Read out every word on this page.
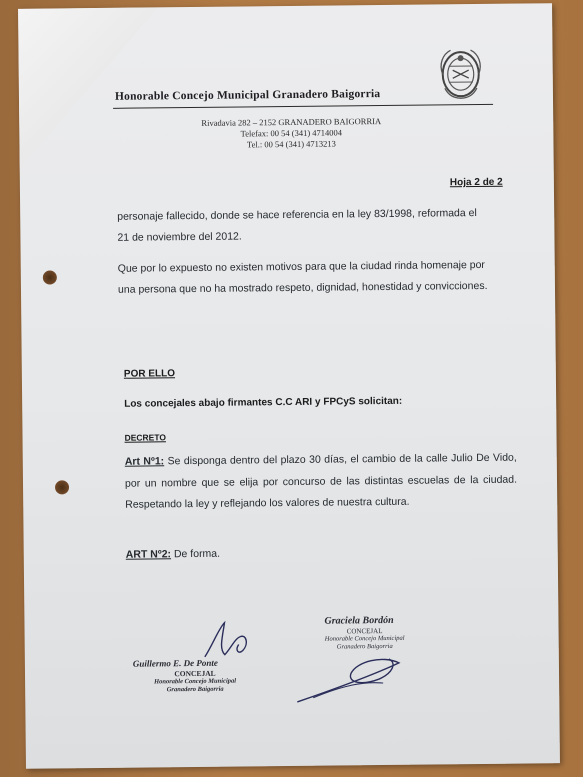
Honorable Concejo Municipal Granadero Baigorria
Rivadavia 282 – 2152 GRANADERO BAIGORRIA
Telefax: 00 54 (341) 4714004
Tel.: 00 54 (341) 4713213
Hoja 2 de 2
personaje fallecido, donde se hace referencia en la ley 83/1998, reformada el
21 de noviembre del 2012.
Que por lo expuesto no existen motivos para que la ciudad rinda homenaje por
una persona que no ha mostrado respeto, dignidad, honestidad y convicciones.
POR ELLO
Los concejales abajo firmantes C.C ARI y FPCyS solicitan:
DECRETO
Art Nº1: Se disponga dentro del plazo 30 días, el cambio de la calle Julio De Vido, por un nombre que se elija por concurso de las distintas escuelas de la ciudad. Respetando la ley y reflejando los valores de nuestra cultura.
ART Nº2: De forma.
Guillermo E. De Ponte
CONCEJAL
Honorable Concejo Municipal
Granadero Baigorria
Graciela Bordón
CONCEJAL
Honorable Concejo Municipal
Granadero Baigorria
